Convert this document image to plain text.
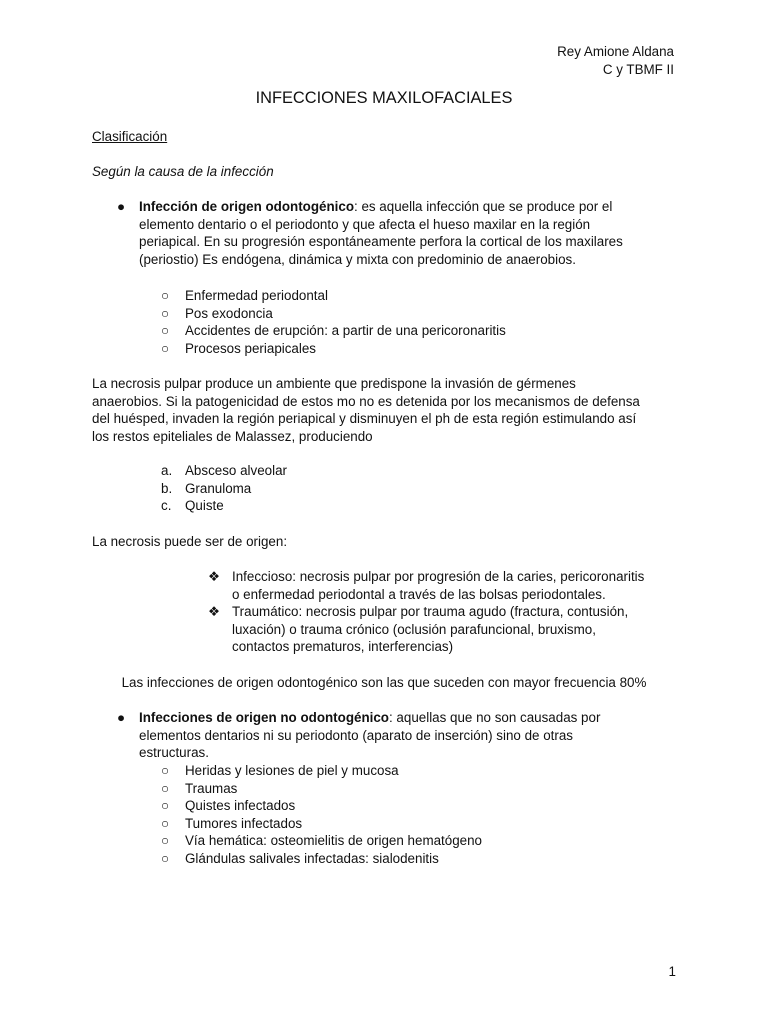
Rey Amione Aldana
C y TBMF II
INFECCIONES MAXILOFACIALES
Clasificación
Según la causa de la infección
● Infección de origen odontogénico: es aquella infección que se produce por el
elemento dentario o el periodonto y que afecta el hueso maxilar en la región
periapical. En su progresión espontáneamente perfora la cortical de los maxilares
(periostio) Es endógena, dinámica y mixta con predominio de anaerobios.
○ Enfermedad periodontal
○ Pos exodoncia
○ Accidentes de erupción: a partir de una pericoronaritis
○ Procesos periapicales
La necrosis pulpar produce un ambiente que predispone la invasión de gérmenes
anaerobios. Si la patogenicidad de estos mo no es detenida por los mecanismos de defensa
del huésped, invaden la región periapical y disminuyen el ph de esta región estimulando así
los restos epiteliales de Malassez, produciendo
a. Absceso alveolar
b. Granuloma
c. Quiste
La necrosis puede ser de origen:
❖ Infeccioso: necrosis pulpar por progresión de la caries, pericoronaritis
o enfermedad periodontal a través de las bolsas periodontales.
❖ Traumático: necrosis pulpar por trauma agudo (fractura, contusión,
luxación) o trauma crónico (oclusión parafuncional, bruxismo,
contactos prematuros, interferencias)
Las infecciones de origen odontogénico son las que suceden con mayor frecuencia 80%
● Infecciones de origen no odontogénico: aquellas que no son causadas por
elementos dentarios ni su periodonto (aparato de inserción) sino de otras
estructuras.
○ Heridas y lesiones de piel y mucosa
○ Traumas
○ Quistes infectados
○ Tumores infectados
○ Vía hemática: osteomielitis de origen hematógeno
○ Glándulas salivales infectadas: sialodenitis
1
